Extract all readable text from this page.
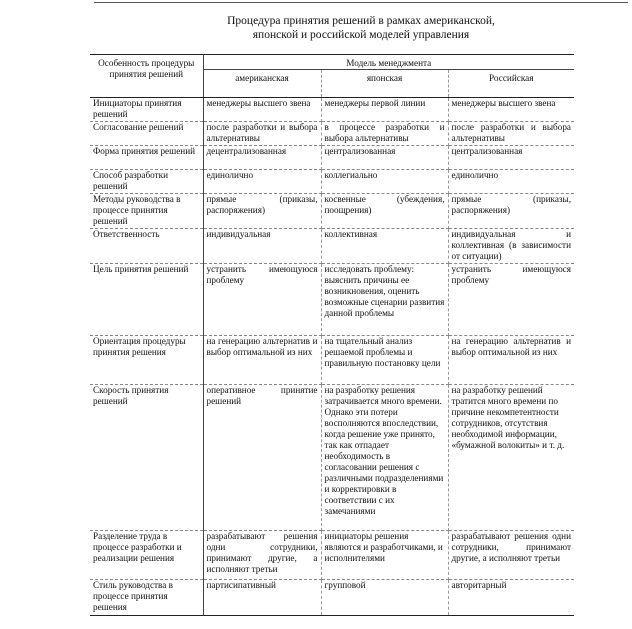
Процедура принятия решений в рамках американской,
японской и российской моделей управления
Особенность процедуры принятия решений	Модель менеджмента		
	американская	японская	Российская
Инициаторы принятия решений	менеджеры высшего звена	менеджеры первой линии	менеджеры высшего звена
Согласование решений	после разработки и выбора альтернативы	в процессе разработки и выбора альтернативы	после разработки и выбора альтернативы
Форма принятия решений	децентрализованная	централизованная	централизованная
Способ разработки решений	единолично	коллегиально	единолично
Методы руководства в процессе принятия решений	прямые (приказы, распоряжения)	косвенные (убеждения, поощрения)	прямые (приказы, распоряжения)
Ответственность	индивидуальная	коллективная	индивидуальная и коллективная (в зависимости от ситуации)
Цель принятия решений	устранить имеющуюся проблему	исследовать проблему: выяснить причины ее возникновения, оценить возможные сценарии развития данной проблемы	устранить имеющуюся проблему
Ориентация процедуры принятия решения	на генерацию альтернатив и выбор оптимальной из них	на тщательный анализ решаемой проблемы и правильную постановку цели	на генерацию альтернатив и выбор оптимальной из них
Скорость принятия решений	оперативное принятие решений	на разработку решения затрачивается много времени. Однако эти потери восполняются впоследствии, когда решение уже принято, так как отпадает необходимость в согласовании решения с различными подразделениями и корректировки в соответствии с их замечаниями	на разработку решений тратится много времени по причине некомпетентности сотрудников, отсутствия необходимой информации, «бумажной волокиты» и т. д.
Разделение труда в процессе разработки и реализации решения	разрабатывают решения одни сотрудники, принимают другие, а исполняют третьи	инициаторы решения являются и разработчиками, и исполнителями	разрабатывают решения одни сотрудники, принимают другие, а исполняют третьи
Стиль руководства в процессе принятия решения	партисипативный	групповой	авторитарный
